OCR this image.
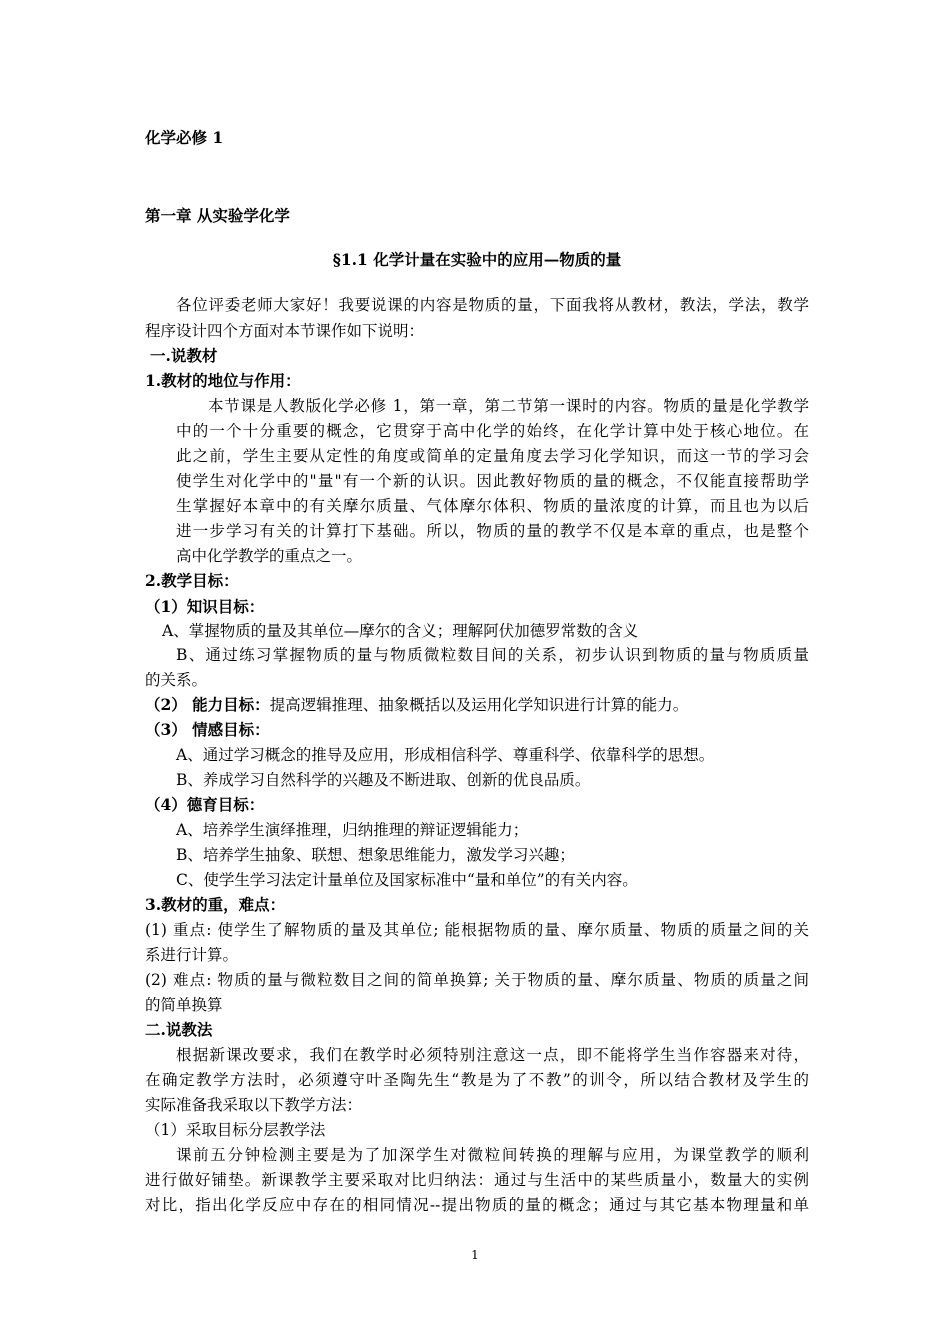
化学必修 1
第一章 从实验学化学
§1.1 化学计量在实验中的应用—物质的量
各位评委老师大家好！我要说课的内容是物质的量，下面我将从教材，教法，学法，教学
程序设计四个方面对本节课作如下说明：
一.说教材
1.教材的地位与作用：
本节课是人教版化学必修 1，第一章，第二节第一课时的内容。物质的量是化学教学
中的一个十分重要的概念，它贯穿于高中化学的始终，在化学计算中处于核心地位。在
此之前，学生主要从定性的角度或简单的定量角度去学习化学知识，而这一节的学习会
使学生对化学中的"量"有一个新的认识。因此教好物质的量的概念，不仅能直接帮助学
生掌握好本章中的有关摩尔质量、气体摩尔体积、物质的量浓度的计算，而且也为以后
进一步学习有关的计算打下基础。所以，物质的量的教学不仅是本章的重点，也是整个
高中化学教学的重点之一。
2.教学目标：
（1）知识目标：
A、掌握物质的量及其单位—摩尔的含义；理解阿伏加德罗常数的含义
B、通过练习掌握物质的量与物质微粒数目间的关系，初步认识到物质的量与物质质量
的关系。
（2） 能力目标：提高逻辑推理、抽象概括以及运用化学知识进行计算的能力。
（3） 情感目标：
A、通过学习概念的推导及应用，形成相信科学、尊重科学、依靠科学的思想。
B、养成学习自然科学的兴趣及不断进取、创新的优良品质。
（4）德育目标：
A、培养学生演绎推理，归纳推理的辩证逻辑能力；
B、培养学生抽象、联想、想象思维能力，激发学习兴趣；
C、使学生学习法定计量单位及国家标准中“量和单位”的有关内容。
3.教材的重，难点：
(1) 重点: 使学生了解物质的量及其单位; 能根据物质的量、摩尔质量、物质的质量之间的关
系进行计算。
(2) 难点: 物质的量与微粒数目之间的简单换算; 关于物质的量、摩尔质量、物质的质量之间
的简单换算
二.说教法
根据新课改要求，我们在教学时必须特别注意这一点，即不能将学生当作容器来对待，
在确定教学方法时，必须遵守叶圣陶先生“教是为了不教”的训令，所以结合教材及学生的
实际准备我采取以下教学方法：
（1）采取目标分层教学法
课前五分钟检测主要是为了加深学生对微粒间转换的理解与应用，为课堂教学的顺利
进行做好铺垫。新课教学主要采取对比归纳法：通过与生活中的某些质量小，数量大的实例
对比，指出化学反应中存在的相同情况--提出物质的量的概念；通过与其它基本物理量和单
1
